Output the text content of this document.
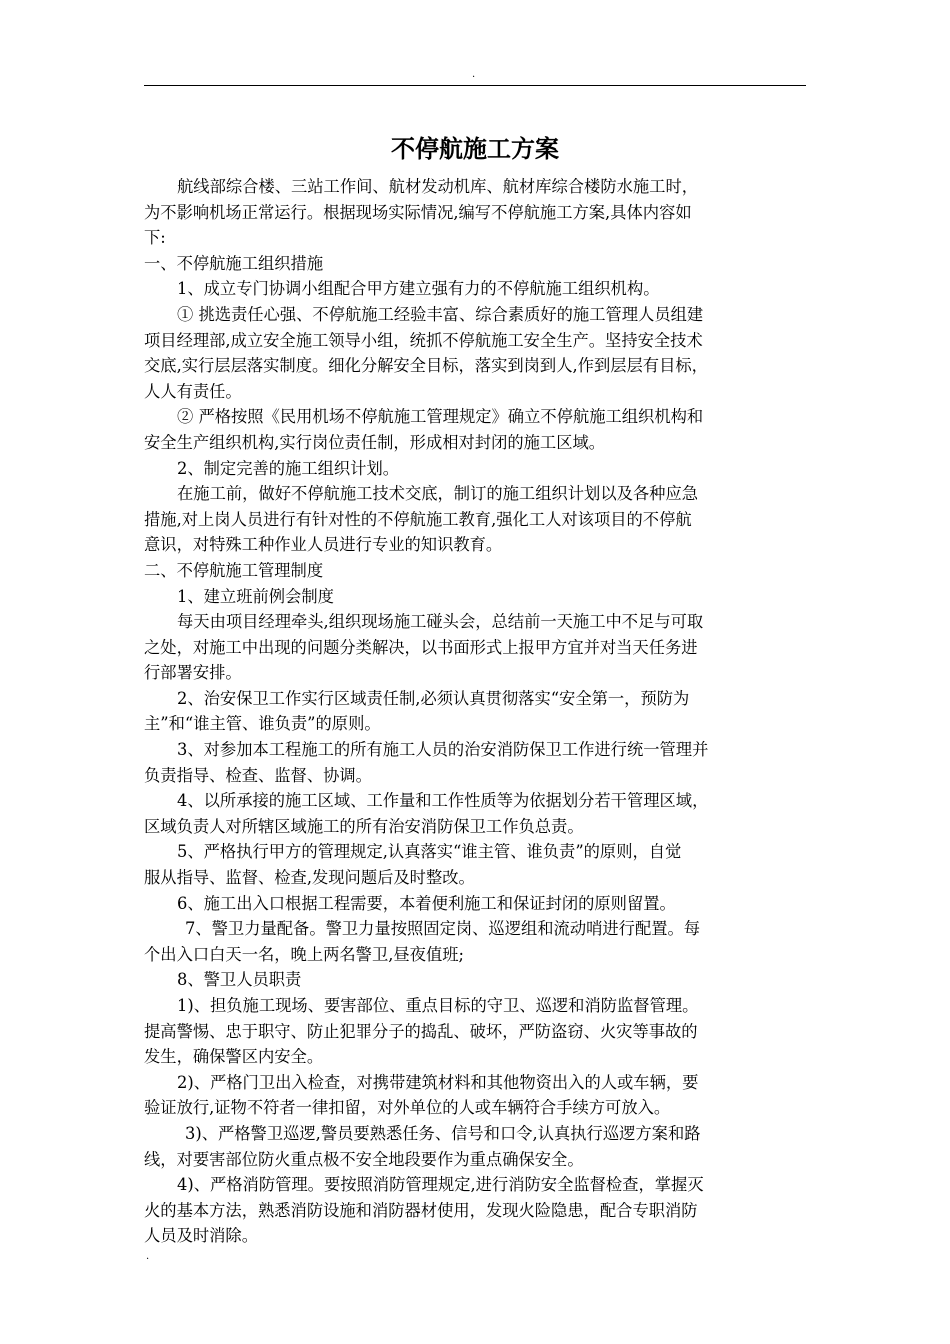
.
不停航施工方案

航线部综合楼、三站工作间、航材发动机库、航材库综合楼防水施工时，

为不影响机场正常运行。根据现场实际情况,编写不停航施工方案,具体内容如

下:

一、不停航施工组织措施

1、成立专门协调小组配合甲方建立强有力的不停航施工组织机构。

① 挑选责任心强、不停航施工经验丰富、综合素质好的施工管理人员组建

项目经理部,成立安全施工领导小组，统抓不停航施工安全生产。坚持安全技术

交底,实行层层落实制度。细化分解安全目标，落实到岗到人,作到层层有目标，

人人有责任。

② 严格按照《民用机场不停航施工管理规定》确立不停航施工组织机构和

安全生产组织机构,实行岗位责任制，形成相对封闭的施工区域。

2、制定完善的施工组织计划。

在施工前，做好不停航施工技术交底，制订的施工组织计划以及各种应急

措施,对上岗人员进行有针对性的不停航施工教育,强化工人对该项目的不停航

意识，对特殊工种作业人员进行专业的知识教育。

二、不停航施工管理制度

1、建立班前例会制度

每天由项目经理牵头,组织现场施工碰头会，总结前一天施工中不足与可取

之处，对施工中出现的问题分类解决，以书面形式上报甲方宜并对当天任务进

行部署安排。

2、治安保卫工作实行区域责任制,必须认真贯彻落实“安全第一，预防为

主”和“谁主管、谁负责”的原则。

3、对参加本工程施工的所有施工人员的治安消防保卫工作进行统一管理并

负责指导、检查、监督、协调。

4、以所承接的施工区域、工作量和工作性质等为依据划分若干管理区域，

区域负责人对所辖区域施工的所有治安消防保卫工作负总责。

5、严格执行甲方的管理规定,认真落实“谁主管、谁负责”的原则，自觉

服从指导、监督、检查,发现问题后及时整改。

6、施工出入口根据工程需要，本着便利施工和保证封闭的原则留置。

7、警卫力量配备。警卫力量按照固定岗、巡逻组和流动哨进行配置。每

个出入口白天一名，晚上两名警卫,昼夜值班;

8、警卫人员职责

1)、担负施工现场、要害部位、重点目标的守卫、巡逻和消防监督管理。

提高警惕、忠于职守、防止犯罪分子的捣乱、破坏，严防盗窃、火灾等事故的

发生，确保警区内安全。

2)、严格门卫出入检查，对携带建筑材料和其他物资出入的人或车辆，要

验证放行,证物不符者一律扣留，对外单位的人或车辆符合手续方可放入。

3)、严格警卫巡逻,警员要熟悉任务、信号和口令,认真执行巡逻方案和路

线，对要害部位防火重点极不安全地段要作为重点确保安全。

4)、严格消防管理。要按照消防管理规定,进行消防安全监督检查，掌握灭

火的基本方法，熟悉消防设施和消防器材使用，发现火险隐患，配合专职消防

人员及时消除。

.
